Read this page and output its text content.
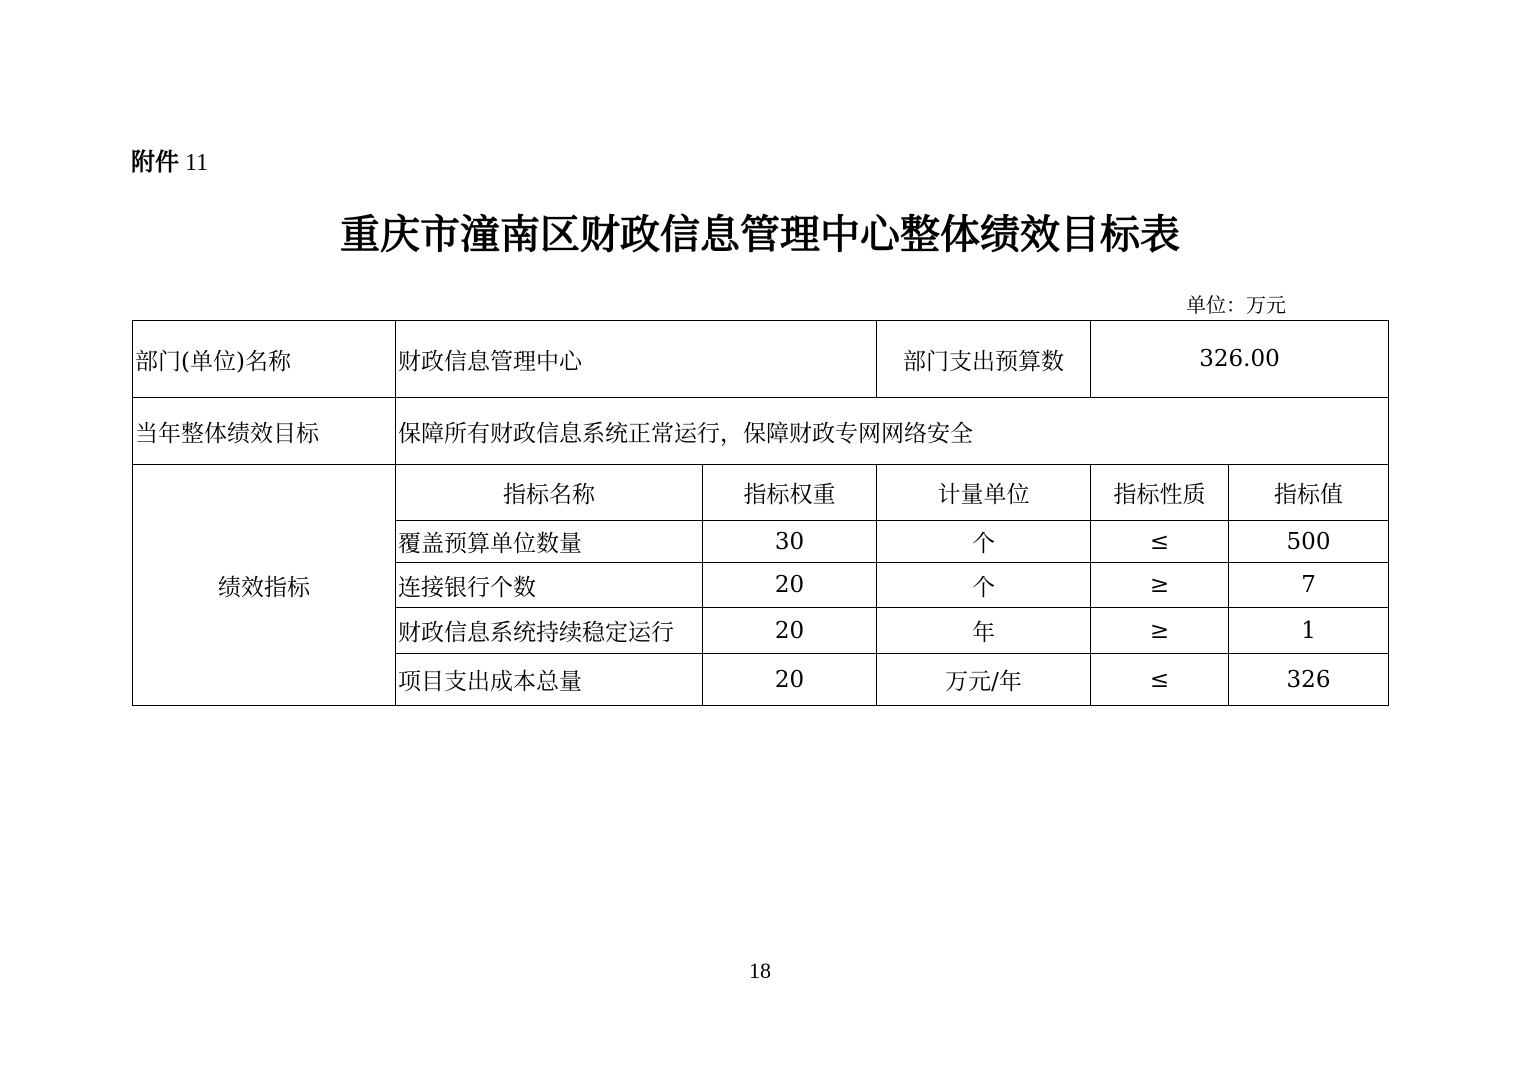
附件 11
重庆市潼南区财政信息管理中心整体绩效目标表
单位：万元
部门(单位)名称	财政信息管理中心		部门支出预算数	326.00	
当年整体绩效目标	保障所有财政信息系统正常运行，保障财政专网网络安全				
绩效指标	指标名称	指标权重	计量单位	指标性质	指标值
	覆盖预算单位数量	30	个	≤	500
	连接银行个数	20	个	≥	7
	财政信息系统持续稳定运行	20	年	≥	1
	项目支出成本总量	20	万元/年	≤	326
18
